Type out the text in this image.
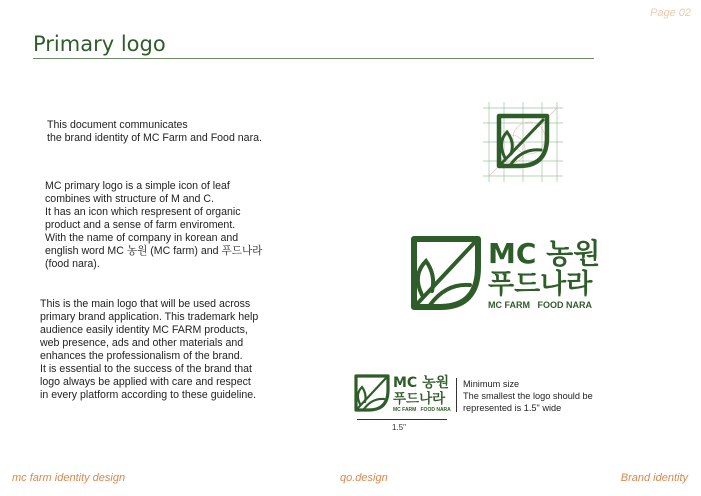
Page 02
Primary logo
This document communicates
the brand identity of MC Farm and Food nara.
MC primary logo is a simple icon of leaf
combines with structure of M and C.
It has an icon which respresent of organic
product and a sense of farm enviroment.
With the name of company in korean and
english word MC 농원 (MC farm) and 푸드나라
(food nara).
This is the main logo that will be used across
primary brand application. This trademark help
audience easily identity MC FARM products,
web presence, ads and other materials and
enhances the professionalism of the brand.
It is essential to the success of the brand that
logo always be applied with care and respect
in every platform according to these guideline.
MC 농원
푸드나라
MC FARM   FOOD NARA
MC 농원
푸드나라
MC FARM   FOOD NARA
1.5"
Minimum size
The smallest the logo should be
represented is 1.5" wide
mc farm identity design	qo.design	Brand identity
